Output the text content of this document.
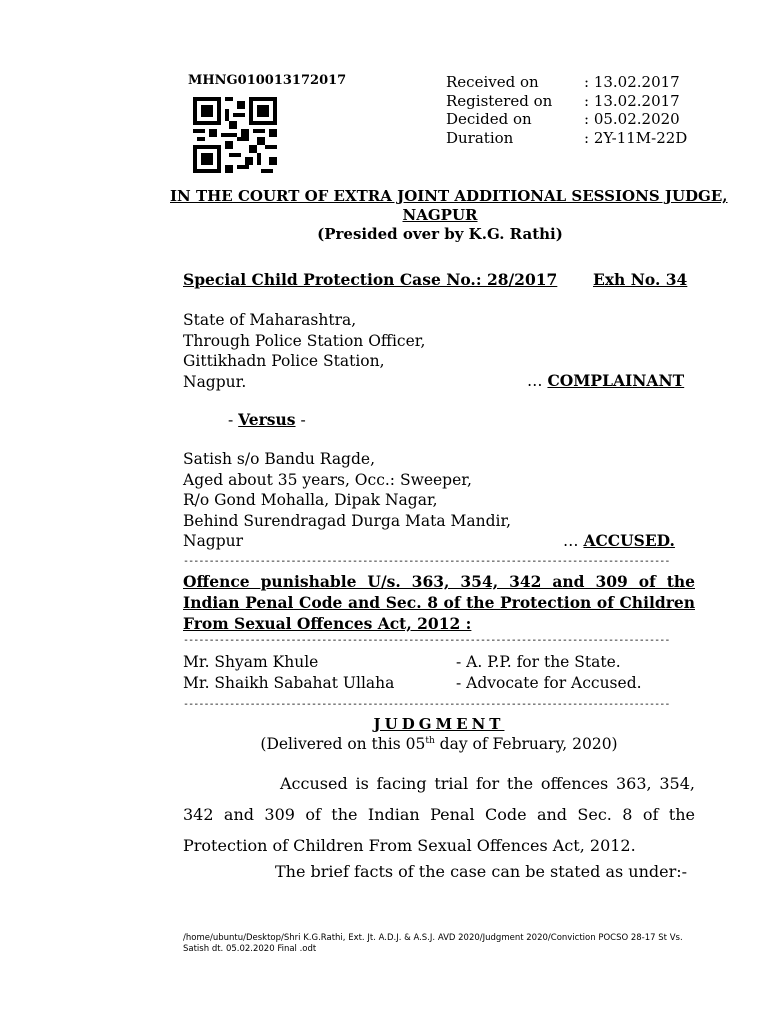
MHNG010013172017	Received on	: 13.02.2017
Registered on	: 13.02.2017
Decided on	: 05.02.2020
Duration	: 2Y-11M-22D
IN THE COURT OF EXTRA JOINT ADDITIONAL SESSIONS JUDGE,
NAGPUR
(Presided over by K.G. Rathi)
Special Child Protection Case No.: 28/2017 Exh No. 34
State of Maharashtra,
Through Police Station Officer,
Gittikhadn Police Station,
Nagpur.	… COMPLAINANT
- Versus -
Satish s/o Bandu Ragde,
Aged about 35 years, Occ.: Sweeper,
R/o Gond Mohalla, Dipak Nagar,
Behind Surendragad Durga Mata Mandir,
Nagpur	… ACCUSED.
-----------------------------------------------------------------------------------------------
Offence punishable U/s. 363, 354, 342 and 309 of the Indian Penal Code and Sec. 8 of the Protection of Children From Sexual Offences Act, 2012 :
-----------------------------------------------------------------------------------------------
Mr. Shyam Khule	- A. P.P. for the State.
Mr. Shaikh Sabahat Ullaha	- Advocate for Accused.
-----------------------------------------------------------------------------------------------
JUDGMENT
(Delivered on this 05th day of February, 2020)
Accused is facing trial for the offences 363, 354, 342 and 309 of the Indian Penal Code and Sec. 8 of the Protection of Children From Sexual Offences Act, 2012.
The brief facts of the case can be stated as under:-
/home/ubuntu/Desktop/Shri K.G.Rathi, Ext. Jt. A.D.J. & A.S.J. AVD 2020/Judgment 2020/Conviction POCSO 28-17 St Vs. Satish dt. 05.02.2020 Final .odt
